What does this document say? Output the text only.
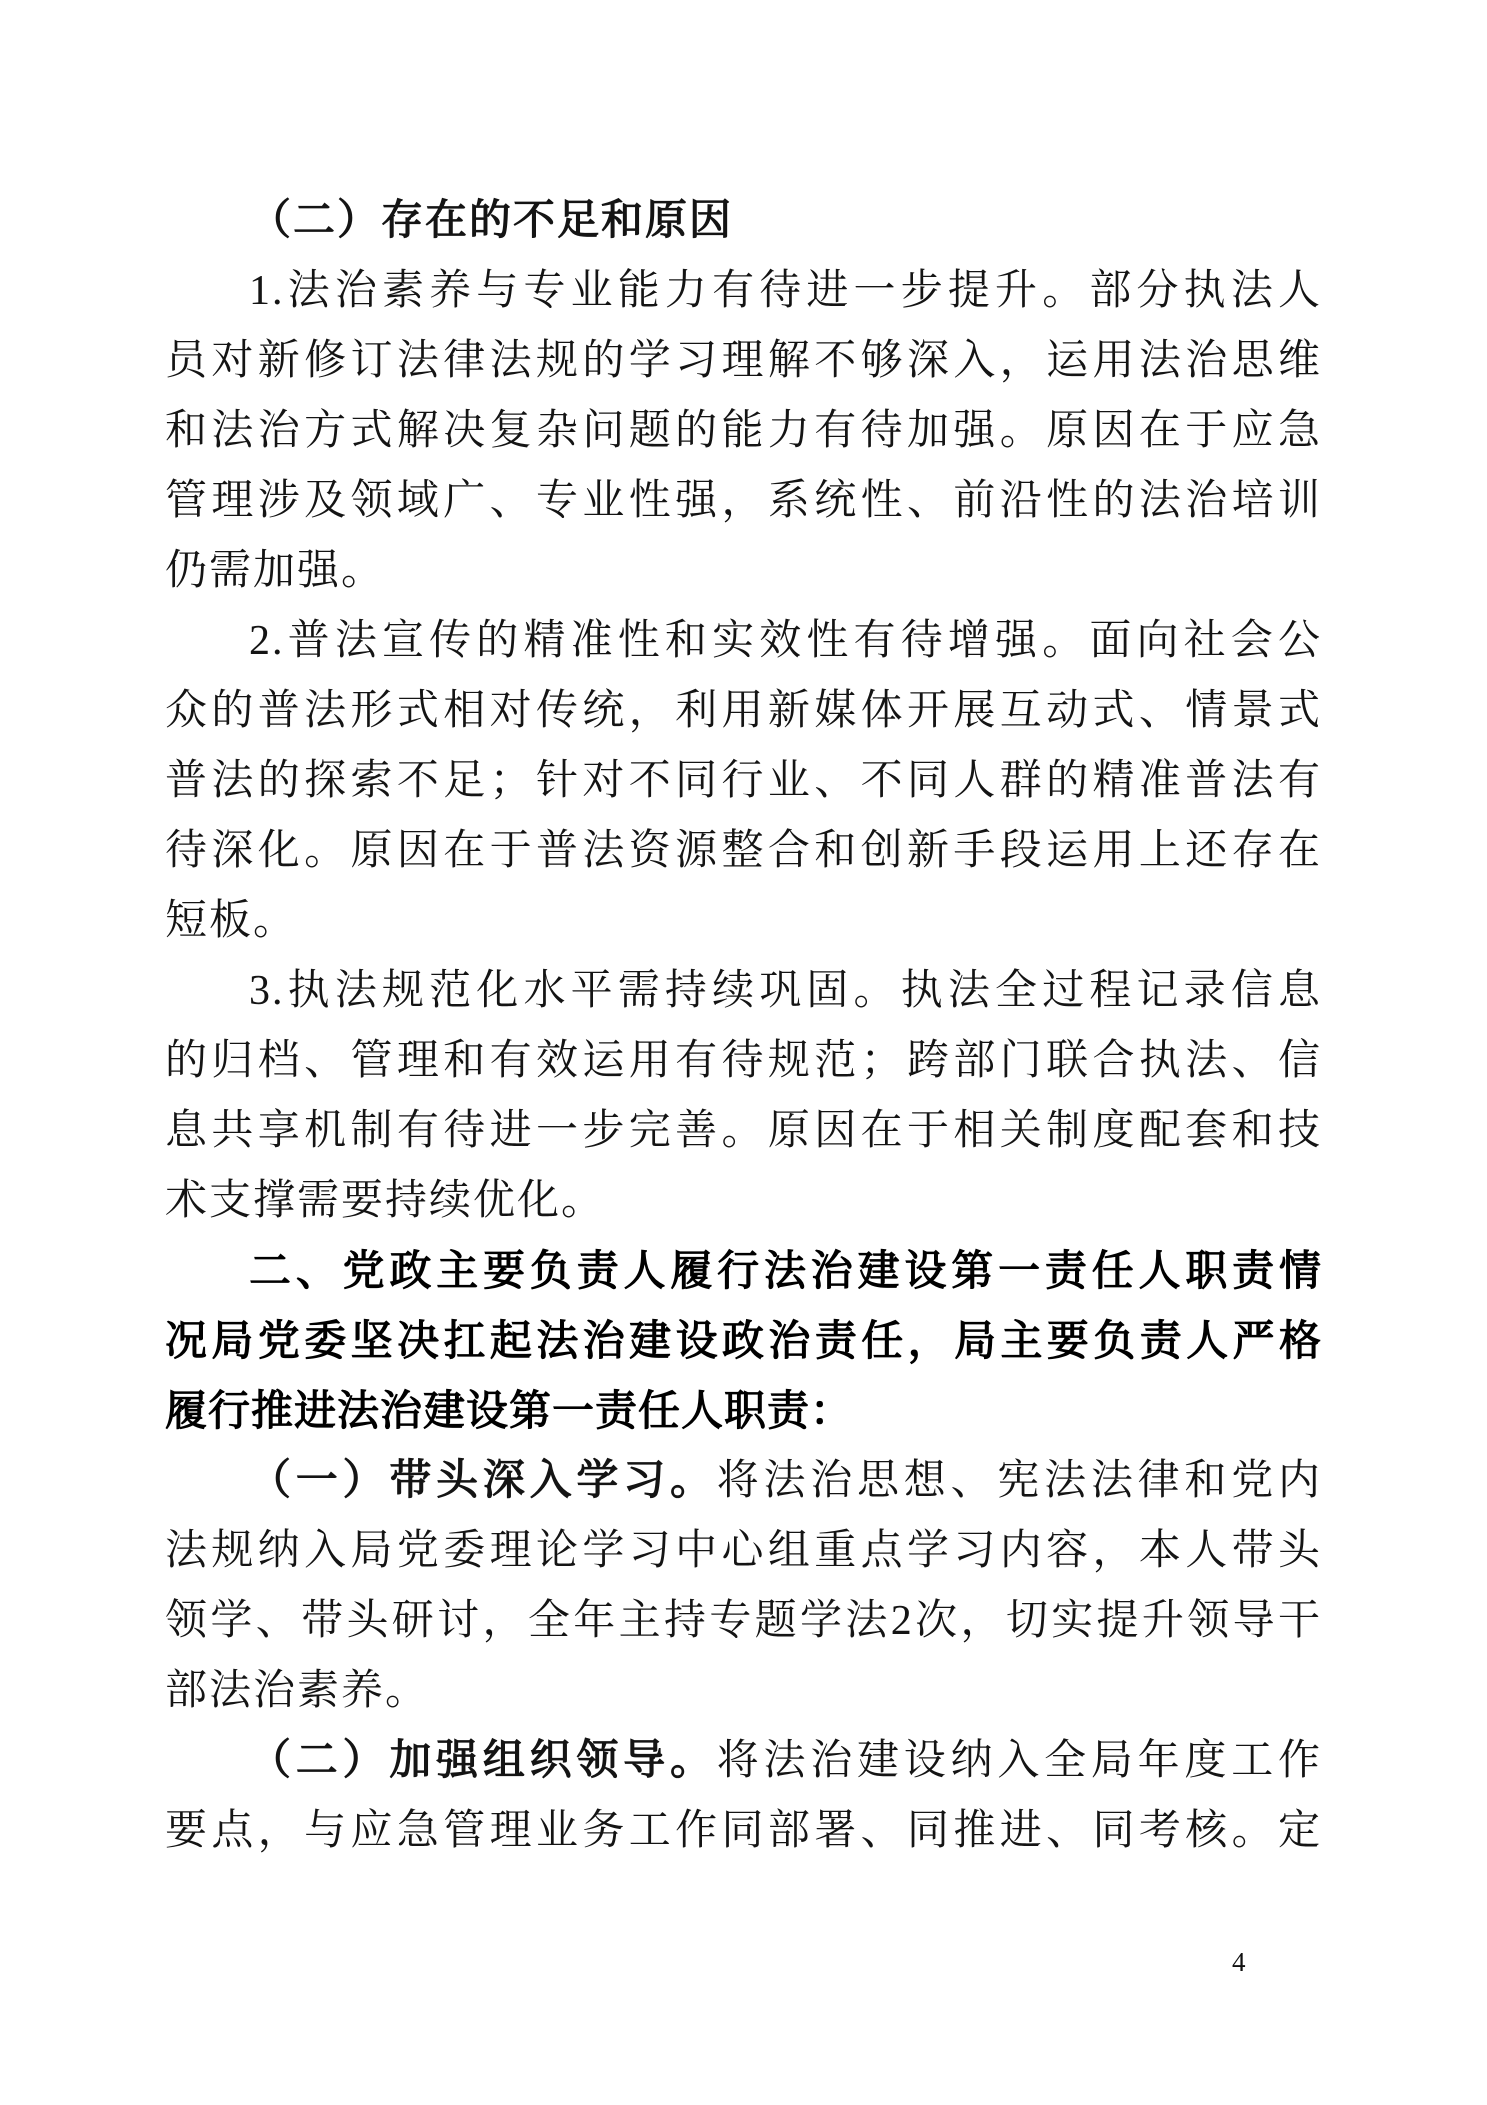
（二）存在的不足和原因
1.法治素养与专业能力有待进一步提升。部分执法人
员对新修订法律法规的学习理解不够深入，运用法治思维
和法治方式解决复杂问题的能力有待加强。原因在于应急
管理涉及领域广、专业性强，系统性、前沿性的法治培训
仍需加强。
2.普法宣传的精准性和实效性有待增强。面向社会公
众的普法形式相对传统，利用新媒体开展互动式、情景式
普法的探索不足；针对不同行业、不同人群的精准普法有
待深化。原因在于普法资源整合和创新手段运用上还存在
短板。
3.执法规范化水平需持续巩固。执法全过程记录信息
的归档、管理和有效运用有待规范；跨部门联合执法、信
息共享机制有待进一步完善。原因在于相关制度配套和技
术支撑需要持续优化。
二、党政主要负责人履行法治建设第一责任人职责情
况局党委坚决扛起法治建设政治责任，局主要负责人严格
履行推进法治建设第一责任人职责：
（一）带头深入学习。将法治思想、宪法法律和党内
法规纳入局党委理论学习中心组重点学习内容，本人带头
领学、带头研讨，全年主持专题学法2次，切实提升领导干
部法治素养。
（二）加强组织领导。将法治建设纳入全局年度工作
要点，与应急管理业务工作同部署、同推进、同考核。定
4
